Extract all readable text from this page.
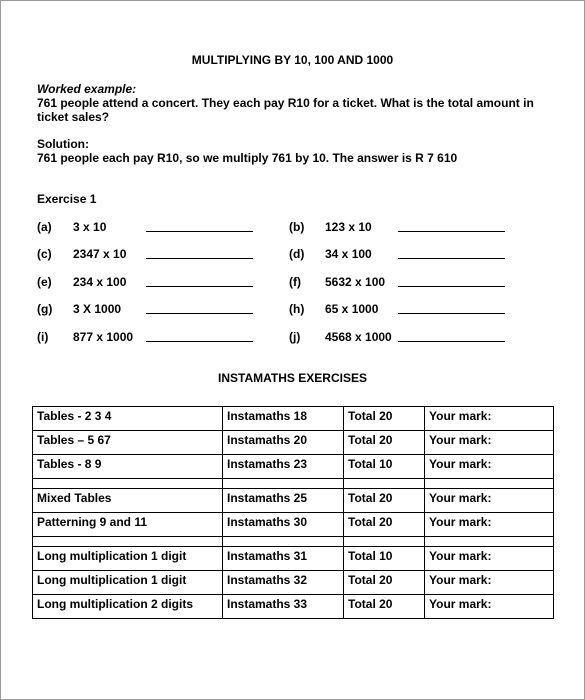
MULTIPLYING BY 10, 100 AND 1000
Worked example:
761 people attend a concert. They each pay R10 for a ticket. What is the total amount in ticket sales?
Solution:
761 people each pay R10, so we multiply 761 by 10. The answer is R 7 610
Exercise 1
(a) 3 x 10	(b) 123 x 10
(c) 2347 x 10	(d) 34 x 100
(e) 234 x 100	(f) 5632 x 100
(g) 3 X 1000	(h) 65 x 1000
(i) 877 x 1000	(j) 4568 x 1000
INSTAMATHS EXERCISES
Tables - 2 3 4	Instamaths 18	Total 20	Your mark:
Tables – 5 67	Instamaths 20	Total 20	Your mark:
Tables - 8 9	Instamaths 23	Total 10	Your mark:

Mixed Tables	Instamaths 25	Total 20	Your mark:
Patterning 9 and 11	Instamaths 30	Total 20	Your mark:

Long multiplication 1 digit	Instamaths 31	Total 10	Your mark:
Long multiplication 1 digit	Instamaths 32	Total 20	Your mark:
Long multiplication 2 digits	Instamaths 33	Total 20	Your mark:
